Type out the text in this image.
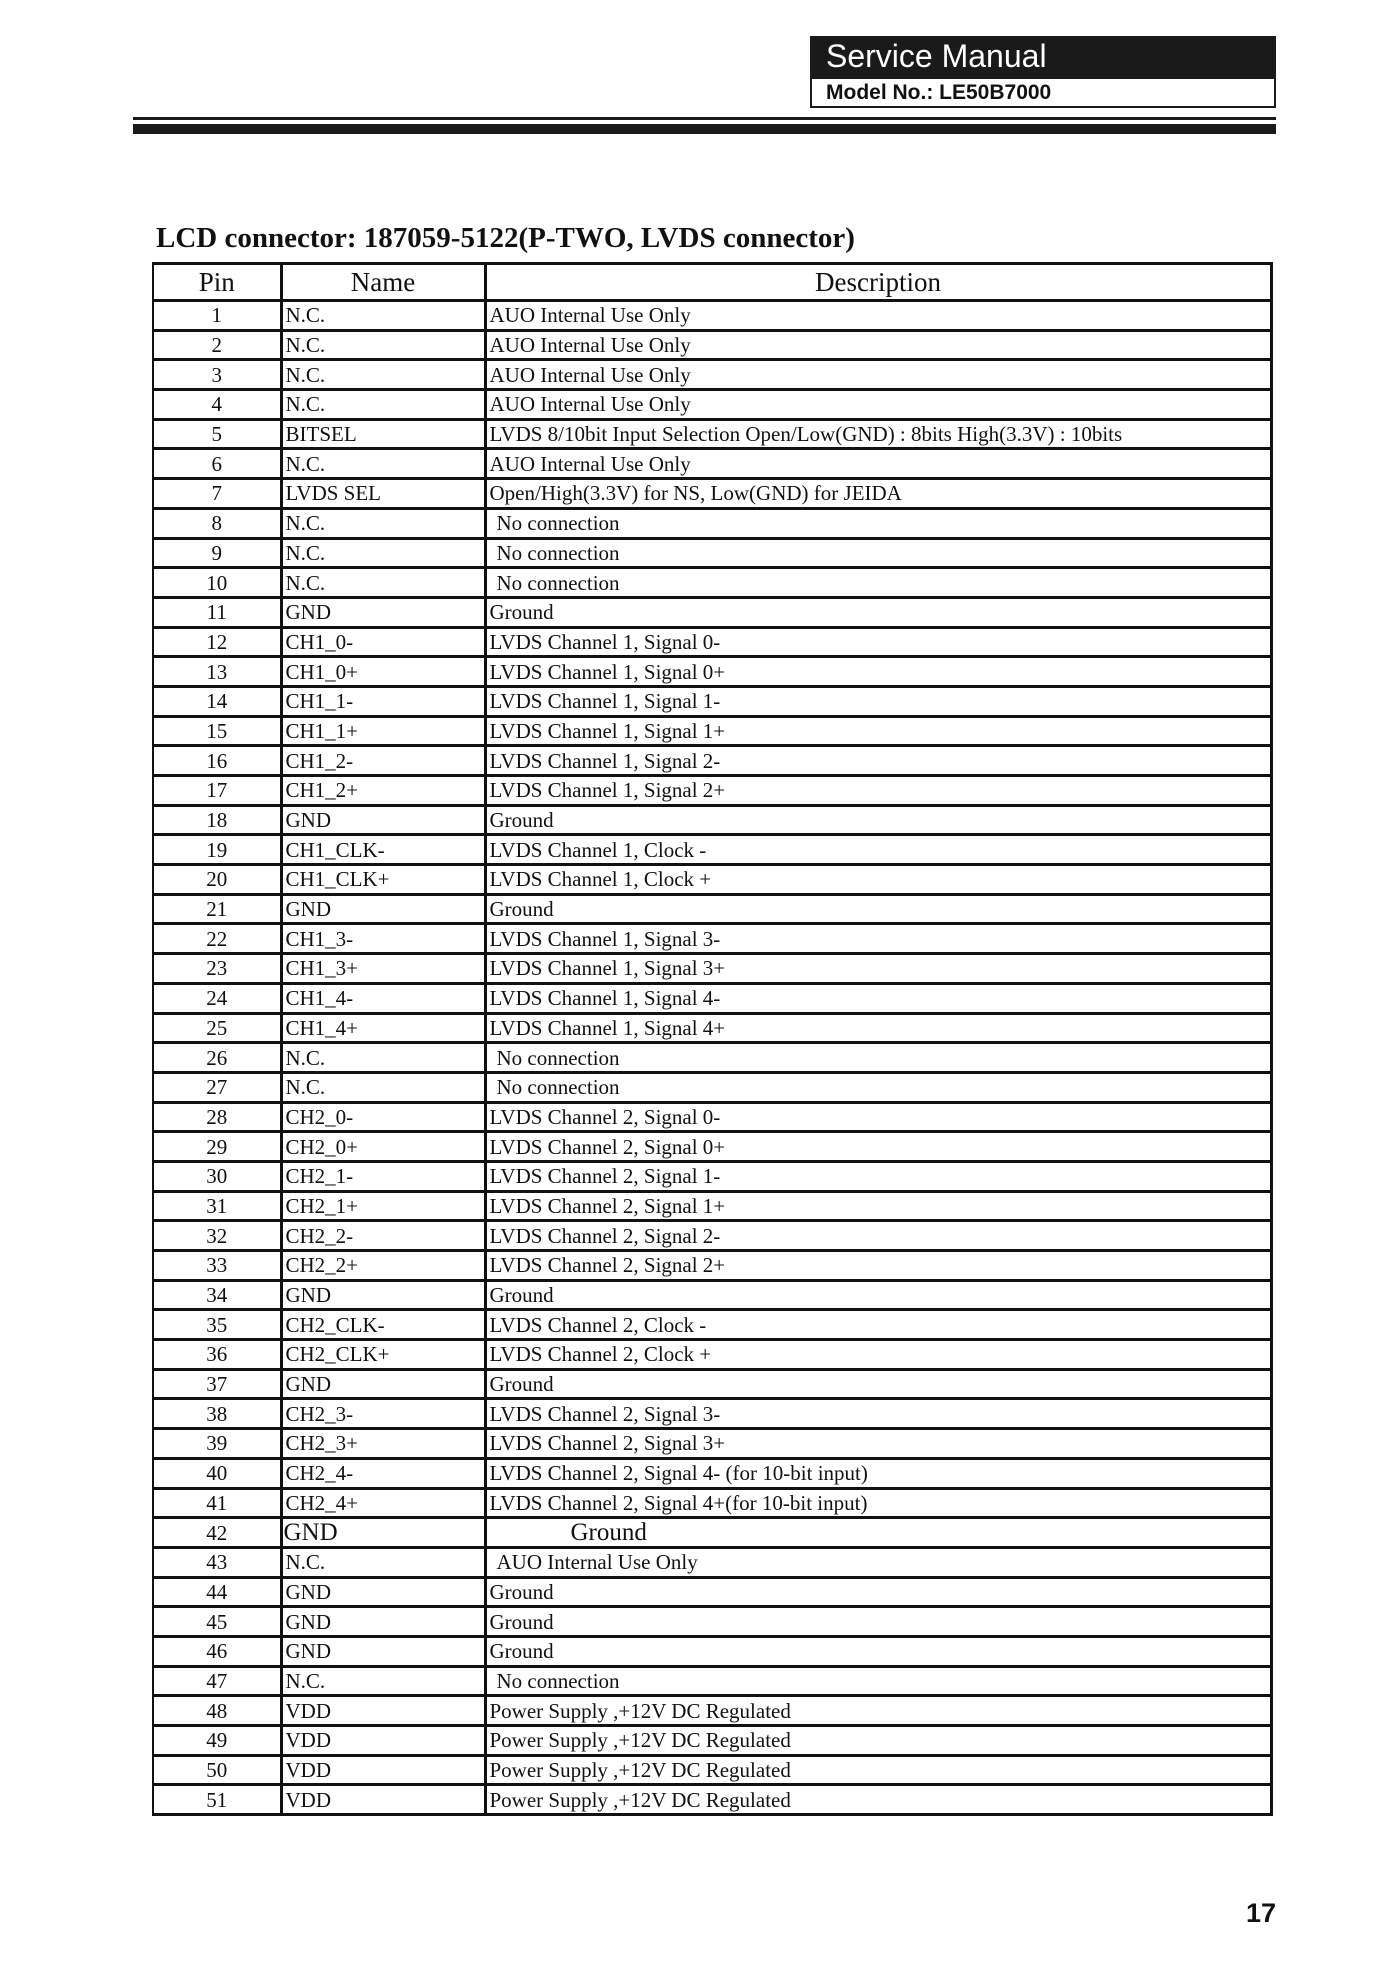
Service Manual
Model No.: LE50B7000
LCD connector: 187059-5122(P-TWO, LVDS connector)
Pin	Name	Description
1	N.C.	AUO Internal Use Only
2	N.C.	AUO Internal Use Only
3	N.C.	AUO Internal Use Only
4	N.C.	AUO Internal Use Only
5	BITSEL	LVDS 8/10bit Input Selection Open/Low(GND) : 8bits High(3.3V) : 10bits
6	N.C.	AUO Internal Use Only
7	LVDS SEL	Open/High(3.3V) for NS, Low(GND) for JEIDA
8	N.C.	No connection
9	N.C.	No connection
10	N.C.	No connection
11	GND	Ground
12	CH1_0-	LVDS Channel 1, Signal 0-
13	CH1_0+	LVDS Channel 1, Signal 0+
14	CH1_1-	LVDS Channel 1, Signal 1-
15	CH1_1+	LVDS Channel 1, Signal 1+
16	CH1_2-	LVDS Channel 1, Signal 2-
17	CH1_2+	LVDS Channel 1, Signal 2+
18	GND	Ground
19	CH1_CLK-	LVDS Channel 1, Clock -
20	CH1_CLK+	LVDS Channel 1, Clock +
21	GND	Ground
22	CH1_3-	LVDS Channel 1, Signal 3-
23	CH1_3+	LVDS Channel 1, Signal 3+
24	CH1_4-	LVDS Channel 1, Signal 4-
25	CH1_4+	LVDS Channel 1, Signal 4+
26	N.C.	No connection
27	N.C.	No connection
28	CH2_0-	LVDS Channel 2, Signal 0-
29	CH2_0+	LVDS Channel 2, Signal 0+
30	CH2_1-	LVDS Channel 2, Signal 1-
31	CH2_1+	LVDS Channel 2, Signal 1+
32	CH2_2-	LVDS Channel 2, Signal 2-
33	CH2_2+	LVDS Channel 2, Signal 2+
34	GND	Ground
35	CH2_CLK-	LVDS Channel 2, Clock -
36	CH2_CLK+	LVDS Channel 2, Clock +
37	GND	Ground
38	CH2_3-	LVDS Channel 2, Signal 3-
39	CH2_3+	LVDS Channel 2, Signal 3+
40	CH2_4-	LVDS Channel 2, Signal 4- (for 10-bit input)
41	CH2_4+	LVDS Channel 2, Signal 4+(for 10-bit input)
42	GND	Ground
43	N.C.	AUO Internal Use Only
44	GND	Ground
45	GND	Ground
46	GND	Ground
47	N.C.	No connection
48	VDD	Power Supply ,+12V DC Regulated
49	VDD	Power Supply ,+12V DC Regulated
50	VDD	Power Supply ,+12V DC Regulated
51	VDD	Power Supply ,+12V DC Regulated
17
